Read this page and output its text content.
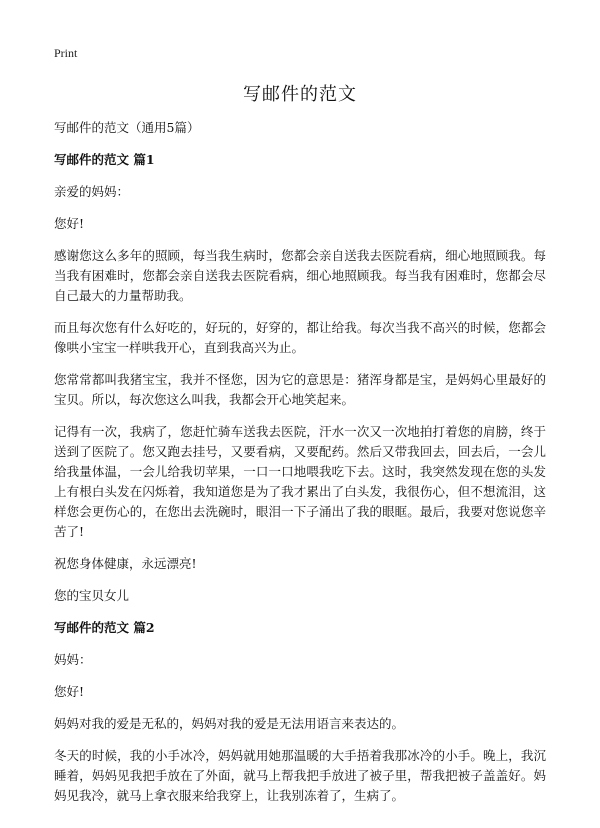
Print
写邮件的范文

写邮件的范文（通用5篇）

写邮件的范文 篇1

亲爱的妈妈：

您好!

感谢您这么多年的照顾，每当我生病时，您都会亲自送我去医院看病，细心地照顾我。每当我有困难时，您都会亲自送我去医院看病，细心地照顾我。每当我有困难时，您都会尽自己最大的力量帮助我。

而且每次您有什么好吃的，好玩的，好穿的，都让给我。每次当我不高兴的时候，您都会像哄小宝宝一样哄我开心，直到我高兴为止。

您常常都叫我猪宝宝，我并不怪您，因为它的意思是：猪浑身都是宝，是妈妈心里最好的宝贝。所以，每次您这么叫我，我都会开心地笑起来。

记得有一次，我病了，您赶忙骑车送我去医院，汗水一次又一次地拍打着您的肩膀，终于送到了医院了。您又跑去挂号，又要看病，又要配药。然后又带我回去，回去后，一会儿给我量体温，一会儿给我切苹果，一口一口地喂我吃下去。这时，我突然发现在您的头发上有根白头发在闪烁着，我知道您是为了我才累出了白头发，我很伤心，但不想流泪，这样您会更伤心的，在您出去洗碗时，眼泪一下子涌出了我的眼眶。最后，我要对您说您辛苦了!

祝您身体健康，永远漂亮!

您的宝贝女儿

写邮件的范文 篇2

妈妈：

您好!

妈妈对我的爱是无私的，妈妈对我的爱是无法用语言来表达的。

冬天的时候，我的小手冰冷，妈妈就用她那温暖的大手捂着我那冰冷的小手。晚上，我沉睡着，妈妈见我把手放在了外面，就马上帮我把手放进了被子里，帮我把被子盖盖好。妈妈见我冷，就马上拿衣服来给我穿上，让我别冻着了，生病了。
